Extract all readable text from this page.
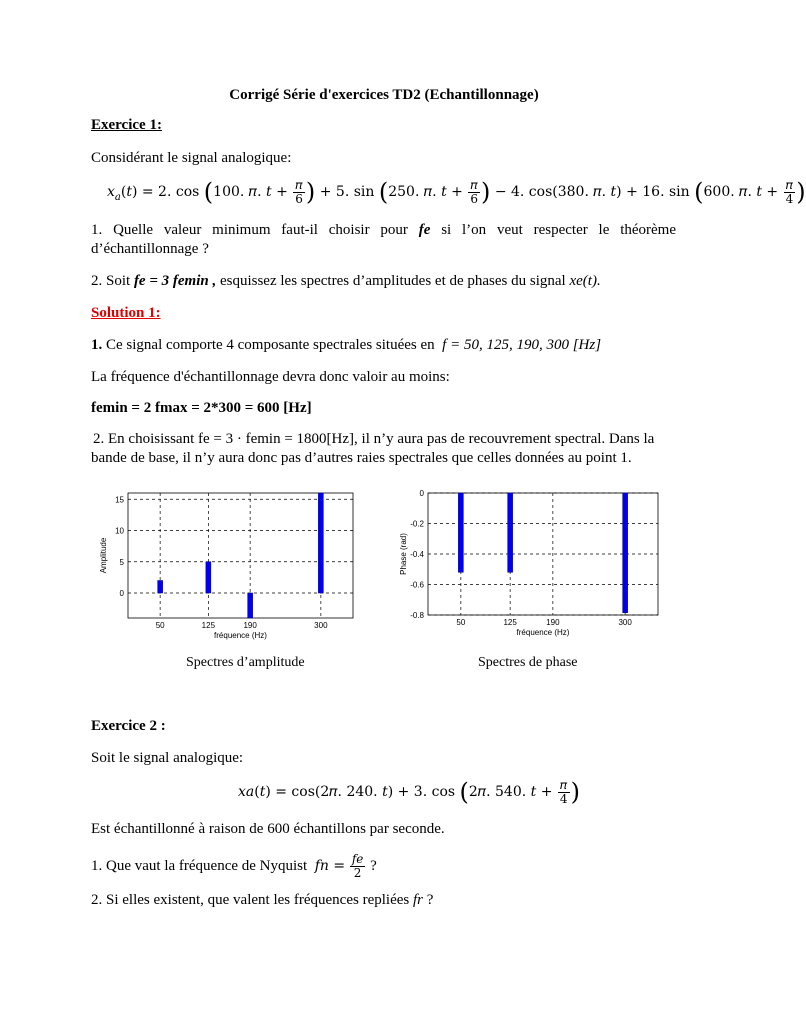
Corrigé Série d'exercices TD2 (Echantillonnage)
Exercice 1:
Considérant le signal analogique:
𝑥$_𝑎$(𝑡) = 2. cos (100. 𝜋. 𝑡 + $\frac{\text{𝜋}}{6}$ ) + 5. sin (250. 𝜋. 𝑡 + $\frac{\text{𝜋}}{6}$ ) − 4. cos(380. 𝜋. 𝑡) + 16. sin (600. 𝜋. 𝑡 + $\frac{\text{𝜋}}{4}$ )
1. Quelle valeur minimum faut-il choisir pour fe si l’on veut respecter le théorème
d’échantillonnage ?
2. Soit fe = 3 femin , esquissez les spectres d’amplitudes et de phases du signal xe(t).
Solution 1:
1. Ce signal comporte 4 composante spectrales situées en f = 50, 125, 190, 300 [Hz]
La fréquence d'échantillonnage devra donc valoir au moins:
femin = 2 fmax = 2*300 = 600 [Hz]
2. En choisissant fe = 3 · femin = 1800[Hz], il n’y aura pas de recouvrement spectral. Dans la
bande de base, il n’y aura donc pas d’autres raies spectrales que celles données au point 1.
0
5
10
15
50	125	190	300
fréquence (Hz)
Amplitude
0
-0.2
-0.4
-0.6
-0.8
50	125	190	300
fréquence (Hz)
Phase (rad)
Spectres d’amplitude	Spectres de phase
Exercice 2 :
Soit le signal analogique:
𝑥𝑎(𝑡) = cos(2𝜋. 240. 𝑡) + 3. cos (2𝜋. 540. 𝑡 + $\frac{\text{𝜋}}{4}$ )
Est échantillonné à raison de 600 échantillons par seconde.
1. Que vaut la fréquence de Nyquist 𝑓𝑛 = $\frac{\text{𝑓𝑒}}{2}$ ?
2. Si elles existent, que valent les fréquences repliées fr ?
